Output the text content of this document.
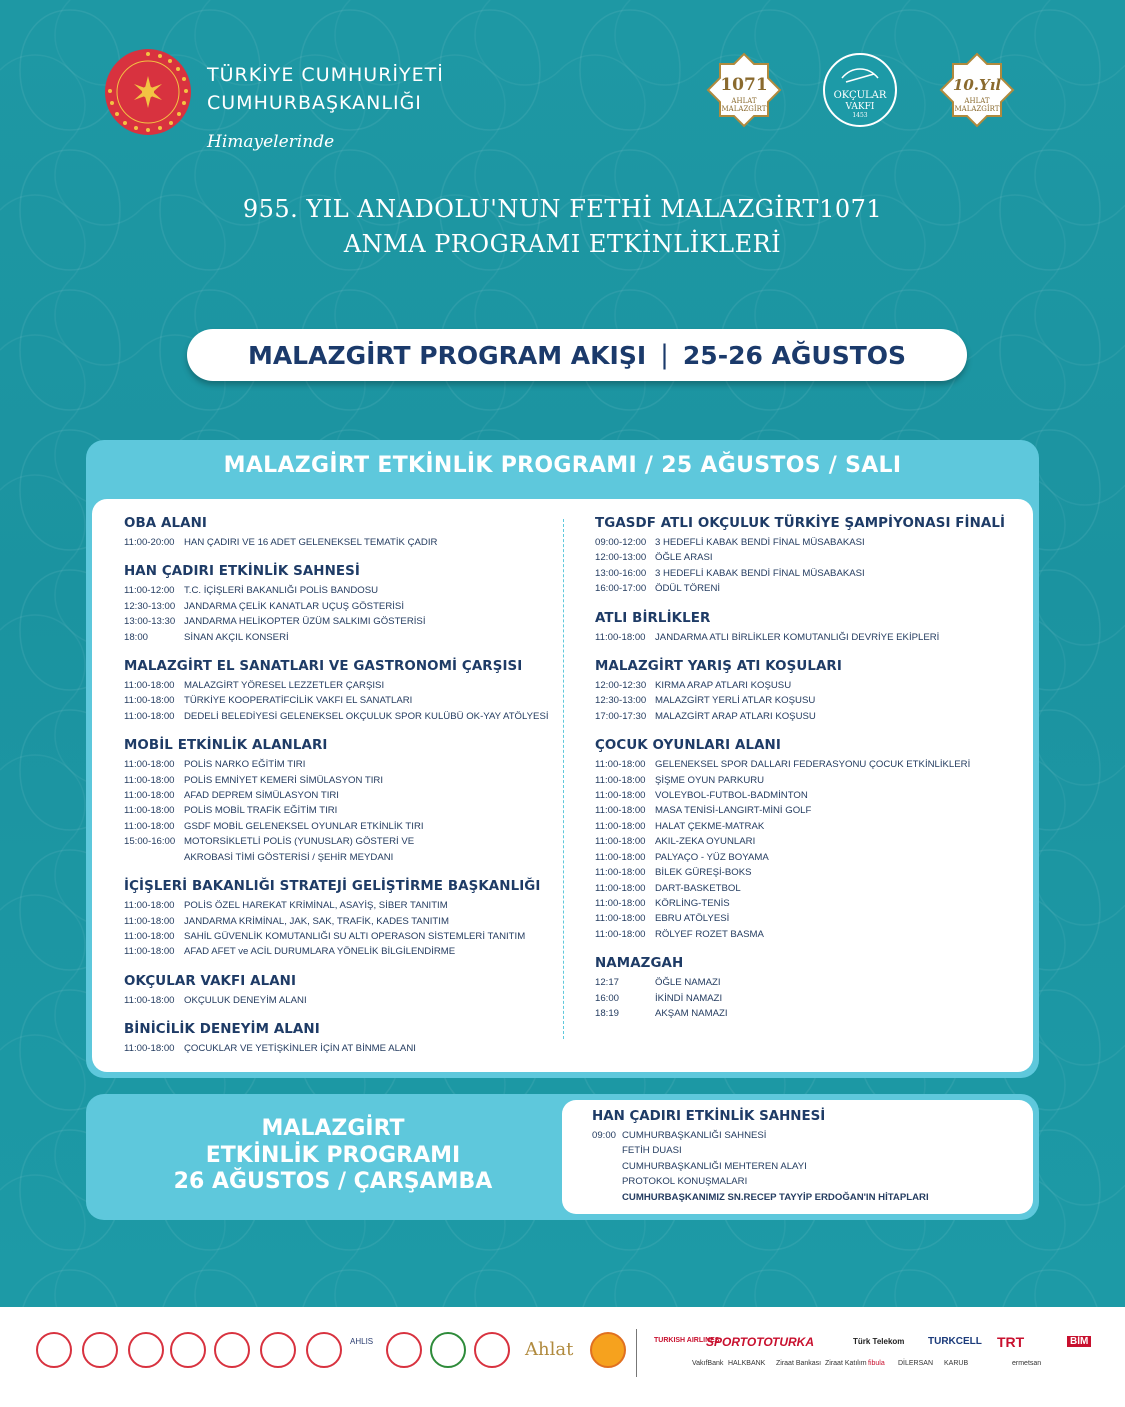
TÜRKİYE CUMHURİYETİ
CUMHURBAŞKANLIĞI
Himayelerinde
1071
AHLAT
MALAZGİRT
OKÇULAR
VAKFI
1453
10.Yıl
AHLAT
MALAZGİRT
955. YIL ANADOLU'NUN FETHİ MALAZGİRT1071
ANMA PROGRAMI ETKİNLİKLERİ
MALAZGİRT PROGRAM AKIŞI | 25-26 AĞUSTOS
MALAZGİRT ETKİNLİK PROGRAMI / 25 AĞUSTOS / SALI
OBA ALANI
11:00-20:00 HAN ÇADIRI VE 16 ADET GELENEKSEL TEMATİK ÇADIR
HAN ÇADIRI ETKİNLİK SAHNESİ
11:00-12:00 T.C. İÇİŞLERİ BAKANLIĞI POLİS BANDOSU
12:30-13:00 JANDARMA ÇELİK KANATLAR UÇUŞ GÖSTERİSİ
13:00-13:30 JANDARMA HELİKOPTER ÜZÜM SALKIMI GÖSTERİSİ
18:00	SİNAN AKÇIL KONSERİ
MALAZGİRT EL SANATLARI VE GASTRONOMİ ÇARŞISI
11:00-18:00 MALAZGİRT YÖRESEL LEZZETLER ÇARŞISI
11:00-18:00 TÜRKİYE KOOPERATİFCİLİK VAKFI EL SANATLARI
11:00-18:00 DEDELİ BELEDİYESİ GELENEKSEL OKÇULUK SPOR KULÜBÜ OK-YAY ATÖLYESİ
MOBİL ETKİNLİK ALANLARI
11:00-18:00 POLİS NARKO EĞİTİM TIRI
11:00-18:00 POLİS EMNİYET KEMERİ SİMÜLASYON TIRI
11:00-18:00 AFAD DEPREM SİMÜLASYON TIRI
11:00-18:00 POLİS MOBİL TRAFİK EĞİTİM TIRI
11:00-18:00 GSDF MOBİL GELENEKSEL OYUNLAR ETKİNLİK TIRI
15:00-16:00 MOTORSİKLETLİ POLİS (YUNUSLAR) GÖSTERİ VE
AKROBASİ TİMİ GÖSTERİSİ / ŞEHİR MEYDANI
İÇİŞLERİ BAKANLIĞI STRATEJİ GELİŞTİRME BAŞKANLIĞI
11:00-18:00 POLİS ÖZEL HAREKAT KRİMİNAL, ASAYİŞ, SİBER TANITIM
11:00-18:00 JANDARMA KRİMİNAL, JAK, SAK, TRAFİK, KADES TANITIM
11:00-18:00 SAHİL GÜVENLİK KOMUTANLIĞI SU ALTI OPERASON SİSTEMLERİ TANITIM
11:00-18:00 AFAD AFET ve ACİL DURUMLARA YÖNELİK BİLGİLENDİRME
OKÇULAR VAKFI ALANI
11:00-18:00 OKÇULUK DENEYİM ALANI
BİNİCİLİK DENEYİM ALANI
11:00-18:00 ÇOCUKLAR VE YETİŞKİNLER İÇİN AT BİNME ALANI
TGASDF ATLI OKÇULUK TÜRKİYE ŞAMPİYONASI FİNALİ
09:00-12:00 3 HEDEFLİ KABAK BENDİ FİNAL MÜSABAKASI
12:00-13:00 ÖĞLE ARASI
13:00-16:00 3 HEDEFLİ KABAK BENDİ FİNAL MÜSABAKASI
16:00-17:00 ÖDÜL TÖRENİ
ATLI BİRLİKLER
11:00-18:00 JANDARMA ATLI BİRLİKLER KOMUTANLIĞI DEVRİYE EKİPLERİ
MALAZGİRT YARIŞ ATI KOŞULARI
12:00-12:30 KIRMA ARAP ATLARI KOŞUSU
12:30-13:00 MALAZGİRT YERLİ ATLAR KOŞUSU
17:00-17:30 MALAZGİRT ARAP ATLARI KOŞUSU
ÇOCUK OYUNLARI ALANI
11:00-18:00 GELENEKSEL SPOR DALLARI FEDERASYONU ÇOCUK ETKİNLİKLERİ
11:00-18:00 ŞİŞME OYUN PARKURU
11:00-18:00 VOLEYBOL-FUTBOL-BADMİNTON
11:00-18:00 MASA TENİSİ-LANGIRT-MİNİ GOLF
11:00-18:00 HALAT ÇEKME-MATRAK
11:00-18:00 AKIL-ZEKA OYUNLARI
11:00-18:00 PALYAÇO - YÜZ BOYAMA
11:00-18:00 BİLEK GÜREŞİ-BOKS
11:00-18:00 DART-BASKETBOL
11:00-18:00 KÖRLİNG-TENİS
11:00-18:00 EBRU ATÖLYESİ
11:00-18:00 RÖLYEF ROZET BASMA
NAMAZGAH
12:17	ÖĞLE NAMAZI
16:00	İKİNDİ NAMAZI
18:19	AKŞAM NAMAZI
MALAZGİRT
ETKİNLİK PROGRAMI
26 AĞUSTOS / ÇARŞAMBA
HAN ÇADIRI ETKİNLİK SAHNESİ
09:00 CUMHURBAŞKANLIĞI SAHNESİ
FETİH DUASI
CUMHURBAŞKANLIĞI MEHTEREN ALAYI
PROTOKOL KONUŞMALARI
CUMHURBAŞKANIMIZ SN.RECEP TAYYİP ERDOĞAN'IN HİTAPLARI
AHLIS	Ahlat	TURKISH AIRLINES
SPORTOTO TURKA	Türk Telekom TURKCELL TRT	BİM
VakıfBank HALKBANK Ziraat Bankası Ziraat Katılım fibula DİLERSAN KARUB	ermetsan
